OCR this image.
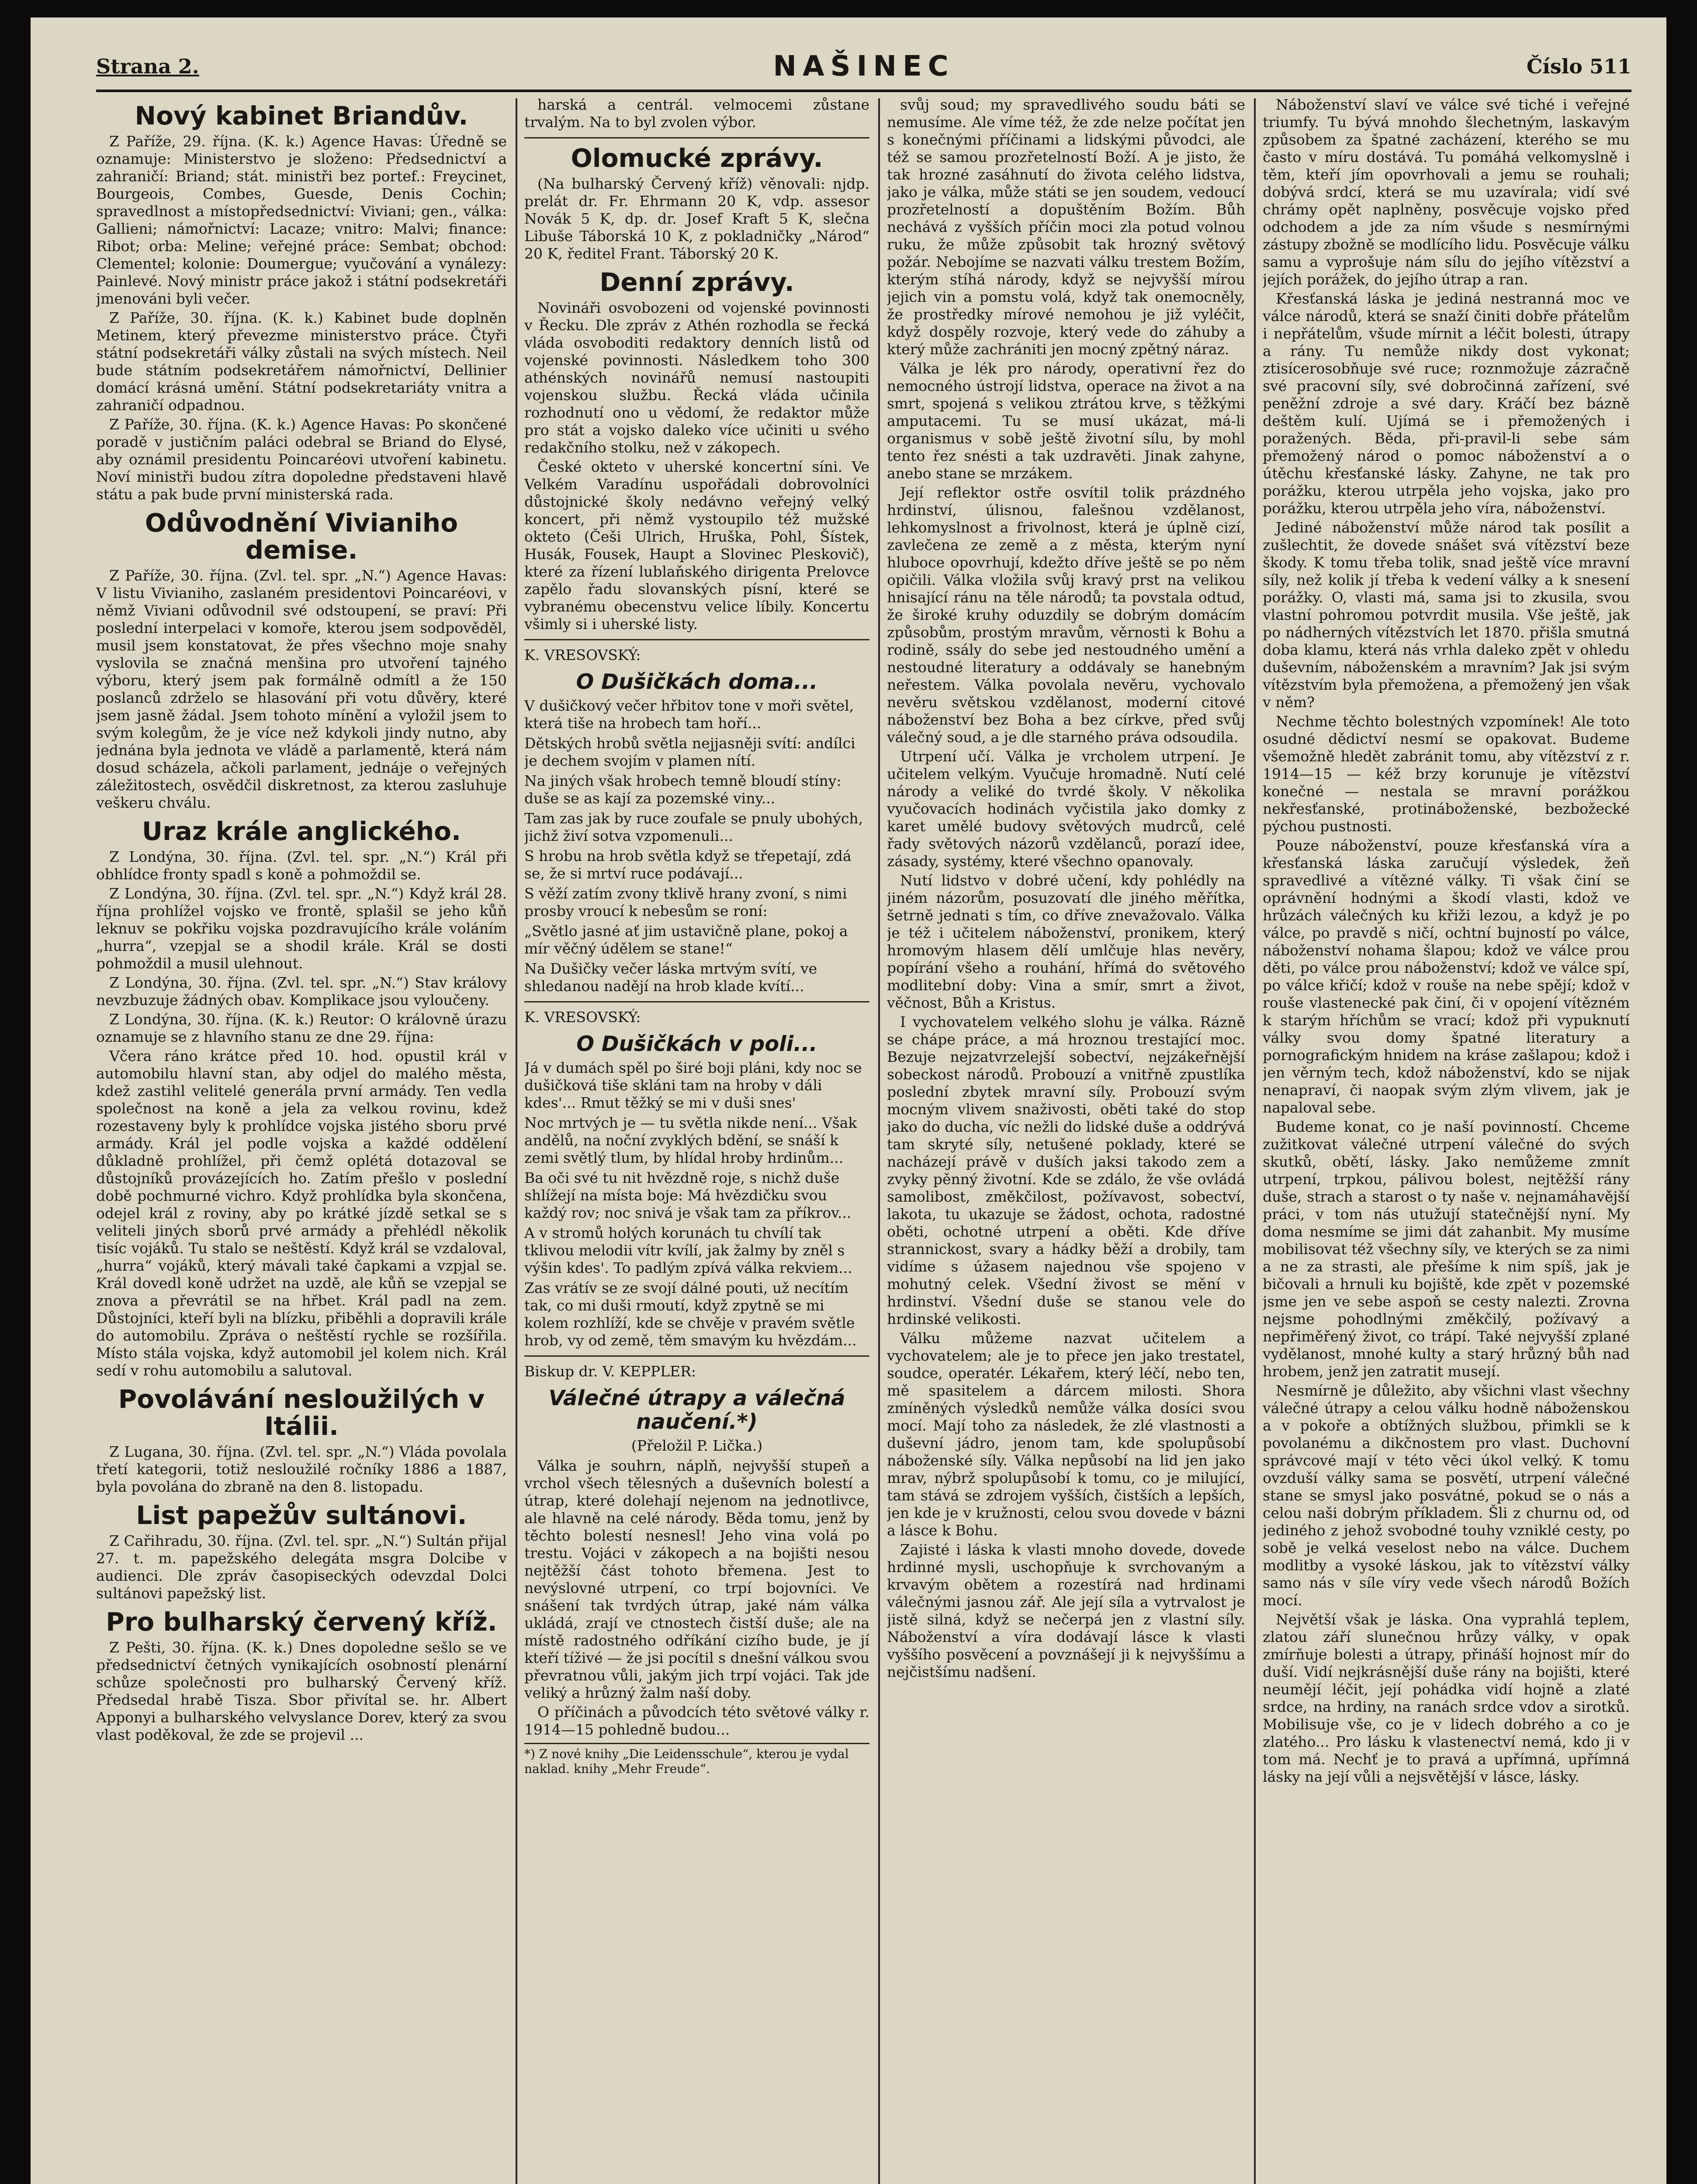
Strana 2.	NAŠINEC	Číslo 511
Nový kabinet Briandův.

Z Paříže, 29. října. (K. k.) Agence Havas: Úředně se oznamuje: Ministerstvo je složeno: Předsednictví a zahraničí: Briand; stát. ministři bez portef.: Freycinet, Bourgeois, Combes, Guesde, Denis Cochin; spravedlnost a místopředsednictví: Viviani; gen., válka: Gallieni; námořnictví: Lacaze; vnitro: Malvi; finance: Ribot; orba: Meline; veřejné práce: Sembat; obchod: Clementel; kolonie: Doumergue; vyučování a vynálezy: Painlevé. Nový ministr práce jakož i státní podsekretáři jmenováni byli večer.

Z Paříže, 30. října. (K. k.) Kabinet bude doplněn Metinem, který převezme ministerstvo práce. Čtyři státní podsekretáři války zůstali na svých místech. Neil bude státním podsekretářem námořnictví, Dellinier domácí krásná umění. Státní podsekretariáty vnitra a zahraničí odpadnou.

Z Paříže, 30. října. (K. k.) Agence Havas: Po skončené poradě v justičním paláci odebral se Briand do Elysé, aby oznámil presidentu Poincaréovi utvoření kabinetu. Noví ministři budou zítra dopoledne představeni hlavě státu a pak bude první ministerská rada.

Odůvodnění Vivianiho demise.

Z Paříže, 30. října. (Zvl. tel. spr. „N.“) Agence Havas: V listu Vivianiho, zaslaném presidentovi Poincaréovi, v němž Viviani odůvodnil své odstoupení, se praví: Při poslední interpelaci v komoře, kterou jsem sodpověděl, musil jsem konstatovat, že přes všechno moje snahy vyslovila se značná menšina pro utvoření tajného výboru, který jsem pak formálně odmítl a že 150 poslanců zdrželo se hlasování při votu důvěry, které jsem jasně žádal. Jsem tohoto mínění a vyložil jsem to svým kolegům, že je více než kdykoli jindy nutno, aby jednána byla jednota ve vládě a parlamentě, která nám dosud scházela, ačkoli parlament, jednáje o veřejných záležitostech, osvědčil diskretnost, za kterou zasluhuje veškeru chválu.

Uraz krále anglického.

Z Londýna, 30. října. (Zvl. tel. spr. „N.“) Král při obhlídce fronty spadl s koně a pohmoždil se.

Z Londýna, 30. října. (Zvl. tel. spr. „N.“) Když král 28. října prohlížel vojsko ve frontě, splašil se jeho kůň leknuv se pokřiku vojska pozdravujícího krále voláním „hurra“, vzepjal se a shodil krále. Král se dosti pohmoždil a musil ulehnout.

Z Londýna, 30. října. (Zvl. tel. spr. „N.“) Stav královy nevzbuzuje žádných obav. Komplikace jsou vyloučeny.

Z Londýna, 30. října. (K. k.) Reutor: O královně úrazu oznamuje se z hlavního stanu ze dne 29. října:

Včera ráno krátce před 10. hod. opustil král v automobilu hlavní stan, aby odjel do malého města, kdež zastihl velitelé generála první armády. Ten vedla společnost na koně a jela za velkou rovinu, kdež rozestaveny byly k prohlídce vojska jistého sboru prvé armády. Král jel podle vojska a každé oddělení důkladně prohlížel, při čemž oplétá dotazoval se důstojníků provázejících ho. Zatím přešlo v poslední době pochmurné vichro. Když prohlídka byla skončena, odejel král z roviny, aby po krátké jízdě setkal se s veliteli jiných sborů prvé armády a přehlédl několik tisíc vojáků. Tu stalo se neštěstí. Když král se vzdaloval, „hurra“ vojáků, který mávali také čapkami a vzpjal se. Král dovedl koně udržet na uzdě, ale kůň se vzepjal se znova a převrátil se na hřbet. Král padl na zem. Důstojníci, kteří byli na blízku, přiběhli a dopravili krále do automobilu. Zpráva o neštěstí rychle se rozšířila. Místo stála vojska, když automobil jel kolem nich. Král sedí v rohu automobilu a salutoval.

Povolávání nesloužilých v Itálii.

Z Lugana, 30. října. (Zvl. tel. spr. „N.“) Vláda povolala třetí kategorii, totiž nesloužilé ročníky 1886 a 1887, byla povolána do zbraně na den 8. listopadu.

List papežův sultánovi.

Z Cařihradu, 30. října. (Zvl. tel. spr. „N.“) Sultán přijal 27. t. m. papežského delegáta msgra Dolcibe v audienci. Dle zpráv časopiseckých odevzdal Dolci sultánovi papežský list.

Pro bulharský červený kříž.

Z Pešti, 30. října. (K. k.) Dnes dopoledne sešlo se ve předsednictví četných vynikajících osobností plenární schůze společnosti pro bulharský Červený kříž. Předsedal hrabě Tisza. Sbor přivítal se. hr. Albert Apponyi a bulharského velvyslance Dorev, který za svou vlast poděkoval, že zde se projevil ...

harská a centrál. velmocemi zůstane trvalým. Na to byl zvolen výbor.

Olomucké zprávy.

(Na bulharský Červený kříž) věnovali: njdp. prelát dr. Fr. Ehrmann 20 K, vdp. assesor Novák 5 K, dp. dr. Josef Kraft 5 K, slečna Libuše Táborská 10 K, z pokladničky „Národ“ 20 K, ředitel Frant. Táborský 20 K.

Denní zprávy.

Novináři osvobozeni od vojenské povinnosti v Řecku. Dle zpráv z Athén rozhodla se řecká vláda osvoboditi redaktory denních listů od vojenské povinnosti. Následkem toho 300 athénských novinářů nemusí nastoupiti vojenskou službu. Řecká vláda učinila rozhodnutí ono u vědomí, že redaktor může pro stát a vojsko daleko více učiniti u svého redakčního stolku, než v zákopech.

České okteto v uherské koncertní síni. Ve Velkém Varadínu uspořádali dobrovolníci důstojnické školy nedávno veřejný velký koncert, při němž vystoupilo též mužské okteto (Češi Ulrich, Hruška, Pohl, Šístek, Husák, Fousek, Haupt a Slovinec Pleskovič), které za řízení lublaňského dirigenta Prelovce zapělo řadu slovanských písní, které se vybranému obecenstvu velice líbily. Koncertu všimly si i uherské listy.

K. VRESOVSKÝ:
O Dušičkách doma...
V dušičkový večer hřbitov tone v moři světel, která tiše na hrobech tam hoří...
Dětských hrobů světla nejjasněji svítí: andílci je dechem svojím v plamen nítí.
Na jiných však hrobech temně bloudí stíny: duše se as kají za pozemské viny...
Tam zas jak by ruce zoufale se pnuly ubohých, jichž živí sotva vzpomenuli...
S hrobu na hrob světla když se třepetají, zdá se, že si mrtví ruce podávají...
S věží zatím zvony tklivě hrany zvoní, s nimi prosby vroucí k nebesům se roní:
„Světlo jasné ať jim ustavičně plane, pokoj a mír věčný údělem se stane!“
Na Dušičky večer láska mrtvým svítí, ve shledanou nadějí na hrob klade kvítí...
K. VRESOVSKÝ:
O Dušičkách v poli...
Já v dumách spěl po širé boji pláni, kdy noc se dušičková tiše skláni tam na hroby v dáli kdes'... Rmut těžký se mi v duši snes'
Noc mrtvých je — tu světla nikde není... Však andělů, na noční zvyklých bdění, se snáší k zemi světlý tlum, by hlídal hroby hrdinům...
Ba oči své tu nit hvězdně roje, s nichž duše shlížejí na místa boje: Má hvězdičku svou každý rov; noc snivá je však tam za příkrov...
A v stromů holých korunách tu chvílí tak tklivou melodii vítr kvílí, jak žalmy by zněl s výšin kdes'. To padlým zpívá válka rekviem...
Zas vrátív se ze svojí dálné pouti, už necítím tak, co mi duši rmoutí, když zpytně se mi kolem rozhlíží, kde se chvěje v pravém světle hrob, vy od země, těm smavým ku hvězdám...
Biskup dr. V. KEPPLER:
Válečné útrapy a válečná naučení.*)
(Přeložil P. Lička.)

Válka je souhrn, náplň, nejvyšší stupeň a vrchol všech tělesných a duševních bolestí a útrap, které dolehají nejenom na jednotlivce, ale hlavně na celé národy. Běda tomu, jenž by těchto bolestí nesnesl! Jeho vina volá po trestu. Vojáci v zákopech a na bojišti nesou nejtěžší část tohoto břemena. Jest to nevýslovné utrpení, co trpí bojovníci. Ve snášení tak tvrdých útrap, jaké nám válka ukládá, zrají ve ctnostech čistší duše; ale na místě radostného odříkání cizího bude, je jí kteří tíživé — že jsi pocítil s dnešní válkou svou převratnou vůli, jakým jich trpí vojáci. Tak jde veliký a hrůzný žalm naší doby.

O příčinách a původcích této světové války r. 1914—15 pohledně budou...

*) Z nové knihy „Die Leidensschule“, kterou je vydal naklad. knihy „Mehr Freude“.

svůj soud; my spravedlivého soudu báti se nemusíme. Ale víme též, že zde nelze počítat jen s konečnými příčinami a lidskými původci, ale též se samou prozřetelností Boží. A je jisto, že tak hrozné zasáhnutí do života celého lidstva, jako je válka, může státi se jen soudem, vedoucí prozřetelností a dopuštěním Božím. Bůh nechává z vyšších příčin moci zla potud volnou ruku, že může způsobit tak hrozný světový požár. Nebojíme se nazvati válku trestem Božím, kterým stíhá národy, když se nejvyšší mírou jejich vin a pomstu volá, když tak onemocněly, že prostředky mírové nemohou je již vyléčit, když dospěly rozvoje, který vede do záhuby a který může zachrániti jen mocný zpětný náraz.

Válka je lék pro národy, operativní řez do nemocného ústrojí lidstva, operace na život a na smrt, spojená s velikou ztrátou krve, s těžkými amputacemi. Tu se musí ukázat, má-li organismus v sobě ještě životní sílu, by mohl tento řez snésti a tak uzdravěti. Jinak zahyne, anebo stane se mrzákem.

Její reflektor ostře osvítil tolik prázdného hrdinství, úlisnou, falešnou vzdělanost, lehkomyslnost a frivolnost, která je úplně cizí, zavlečena ze země a z města, kterým nyní hluboce opovrhují, kdežto dříve ještě se po něm opičili. Válka vložila svůj kravý prst na velikou hnisající ránu na těle národů; ta povstala odtud, že široké kruhy oduzdily se dobrým domácím způsobům, prostým mravům, věrnosti k Bohu a rodině, ssály do sebe jed nestoudného umění a nestoudné literatury a oddávaly se hanebným neřestem. Válka povolala nevěru, vychovalo nevěru světskou vzdělanost, moderní citové náboženství bez Boha a bez církve, před svůj válečný soud, a je dle starného práva odsoudila.

Utrpení učí. Válka je vrcholem utrpení. Je učitelem velkým. Vyučuje hromadně. Nutí celé národy a veliké do tvrdé školy. V několika vyučovacích hodinách vyčistila jako domky z karet umělé budovy světových mudrců, celé řady světových názorů vzdělanců, porazí idee, zásady, systémy, které všechno opanovaly.

Nutí lidstvo v dobré učení, kdy pohlédly na jiném názorům, posuzovatí dle jiného měřítka, šetrně jednati s tím, co dříve znevažovalo. Válka je též i učitelem náboženství, pronikem, který hromovým hlasem dělí umlčuje hlas nevěry, popírání všeho a rouhání, hřímá do světového modlitební doby: Vina a smír, smrt a život, věčnost, Bůh a Kristus.

I vychovatelem velkého slohu je válka. Rázně se chápe práce, a má hroznou trestající moc. Bezuje nejzatvrzelejší sobectví, nejzákeřnější sobeckost národů. Probouzí a vnitřně zpustlíka poslední zbytek mravní síly. Probouzí svým mocným vlivem snaživosti, oběti také do stop jako do ducha, víc nežli do lidské duše a oddrývá tam skryté síly, netušené poklady, které se nacházejí právě v duších jaksi takodo zem a zvyky pěnný životní. Kde se zdálo, že vše ovládá samolibost, změkčilost, požívavost, sobectví, lakota, tu ukazuje se žádost, ochota, radostné oběti, ochotné utrpení a oběti. Kde dříve strannickost, svary a hádky běží a drobily, tam vidíme s úžasem najednou vše spojeno v mohutný celek. Všední živost se mění v hrdinství. Všední duše se stanou vele do hrdinské velikosti.

Válku můžeme nazvat učitelem a vychovatelem; ale je to přece jen jako trestatel, soudce, operatér. Lékařem, který léčí, nebo ten, mě spasitelem a dárcem milosti. Shora zmíněných výsledků nemůže válka dosíci svou mocí. Mají toho za následek, že zlé vlastnosti a duševní jádro, jenom tam, kde spolupůsobí náboženské síly. Válka nepůsobí na lid jen jako mrav, nýbrž spolupůsobí k tomu, co je milující, tam stává se zdrojem vyšších, čistších a lepších, jen kde je v kružnosti, celou svou dovede v bázni a lásce k Bohu.

Zajisté i láska k vlasti mnoho dovede, dovede hrdinné mysli, uschopňuje k svrchovaným a krvavým obětem a rozestírá nad hrdinami válečnými jasnou zář. Ale její síla a vytrvalost je jistě silná, když se nečerpá jen z vlastní síly. Náboženství a víra dodávají lásce k vlasti vyššího posvěcení a povznášejí ji k nejvyššímu a nejčistšímu nadšení.

Náboženství slaví ve válce své tiché i veřejné triumfy. Tu bývá mnohdo šlechetným, laskavým způsobem za špatné zacházení, kterého se mu často v míru dostává. Tu pomáhá velkomyslně i těm, kteří jím opovrhovali a jemu se rouhali; dobývá srdcí, která se mu uzavírala; vidí své chrámy opět naplněny, posvěcuje vojsko před odchodem a jde za ním všude s nesmírnými zástupy zbožně se modlícího lidu. Posvěcuje válku samu a vyprošuje nám sílu do jejího vítězství a jejích porážek, do jejího útrap a ran.

Křesťanská láska je jediná nestranná moc ve válce národů, která se snaží činiti dobře přátelům i nepřátelům, všude mírnit a léčit bolesti, útrapy a rány. Tu nemůže nikdy dost vykonat; ztisícerosobňuje své ruce; roznmožuje zázračně své pracovní síly, své dobročinná zařízení, své peněžní zdroje a své dary. Kráčí bez bázně deštěm kulí. Ujímá se i přemožených i poražených. Běda, při-pravil-li sebe sám přemožený národ o pomoc náboženství a o útěchu křesťanské lásky. Zahyne, ne tak pro porážku, kterou utrpěla jeho vojska, jako pro porážku, kterou utrpěla jeho víra, náboženství.

Jediné náboženství může národ tak posílit a zušlechtit, že dovede snášet svá vítězství beze škody. K tomu třeba tolik, snad ještě více mravní síly, než kolik jí třeba k vedení války a k snesení porážky. O, vlasti má, sama jsi to zkusila, svou vlastní pohromou potvrdit musila. Vše ještě, jak po nádherných vítězstvích let 1870. přišla smutná doba klamu, která nás vrhla daleko zpět v ohledu duševním, náboženském a mravním? Jak jsi svým vítězstvím byla přemožena, a přemožený jen však v něm?

Nechme těchto bolestných vzpomínek! Ale toto osudné dědictví nesmí se opakovat. Budeme všemožně hledět zabránit tomu, aby vítězství z r. 1914—15 — kéž brzy korunuje je vítězství konečné — nestala se mravní porážkou nekřesťanské, protináboženské, bezbožecké pýchou pustnosti.

Pouze náboženství, pouze křesťanská víra a křesťanská láska zaručují výsledek, žeň spravedlivé a vítězné války. Ti však činí se oprávnění hodnými a škodí vlasti, kdož ve hrůzách válečných ku křiži lezou, a když je po válce, po pravdě s ničí, ochtní bujností po válce, náboženství nohama šlapou; kdož ve válce prou děti, po válce prou náboženství; kdož ve válce spí, po válce křičí; kdož v rouše na nebe spějí; kdož v rouše vlastenecké pak činí, či v opojení vítězném k starým hříchům se vrací; kdož při vypuknutí války svou domy špatné literatury a pornografickým hnidem na kráse zašlapou; kdož i jen věrným tech, kdož náboženství, kdo se nijak nenapraví, či naopak svým zlým vlivem, jak je napaloval sebe.

Budeme konat, co je naší povinností. Chceme zužitkovat válečné utrpení válečné do svých skutků, obětí, lásky. Jako nemůžeme zmnít utrpení, trpkou, pálivou bolest, nejtěžší rány duše, strach a starost o ty naše v. nejnamáhavější práci, v tom nás utužují statečnější nyní. My doma nesmíme se jimi dát zahanbit. My musíme mobilisovat též všechny síly, ve kterých se za nimi a ne za strasti, ale přešíme k nim spíš, jak je bičovali a hrnuli ku bojiště, kde zpět v pozemské jsme jen ve sebe aspoň se cesty nalezti. Zrovna nejsme pohodlnými změkčilý, požívavý a nepřiměřený život, co trápí. Také nejvyšší zplané vydělanost, mnohé kulty a starý hrůzný bůh nad hrobem, jenž jen zatratit musejí.

Nesmírně je důležito, aby všichni vlast všechny válečné útrapy a celou válku hodně náboženskou a v pokoře a obtížných službou, přimkli se k povolanému a dikčnostem pro vlast. Duchovní správcové mají v této věci úkol velký. K tomu ovzduší války sama se posvětí, utrpení válečné stane se smysl jako posvátné, pokud se o nás a celou naši dobrým příkladem. Šli z churnu od, od jediného z jehož svobodné touhy vzniklé cesty, po sobě je velká veselost nebo na válce. Duchem modlitby a vysoké láskou, jak to vítězství války samo nás v síle víry vede všech národů Božích mocí.

Největší však je láska. Ona vyprahlá teplem, zlatou září slunečnou hrůzy války, v opak zmírňuje bolesti a útrapy, přináší hojnost mír do duší. Vidí nejkrásnější duše rány na bojišti, které neumějí léčit, její pohádka vidí hojně a zlaté srdce, na hrdiny, na ranách srdce vdov a sirotků. Mobilisuje vše, co je v lidech dobrého a co je zlatého... Pro lásku k vlastenectví nemá, kdo ji v tom má. Nechť je to pravá a upřímná, upřímná lásky na její vůli a nejsvětější v lásce, lásky.
